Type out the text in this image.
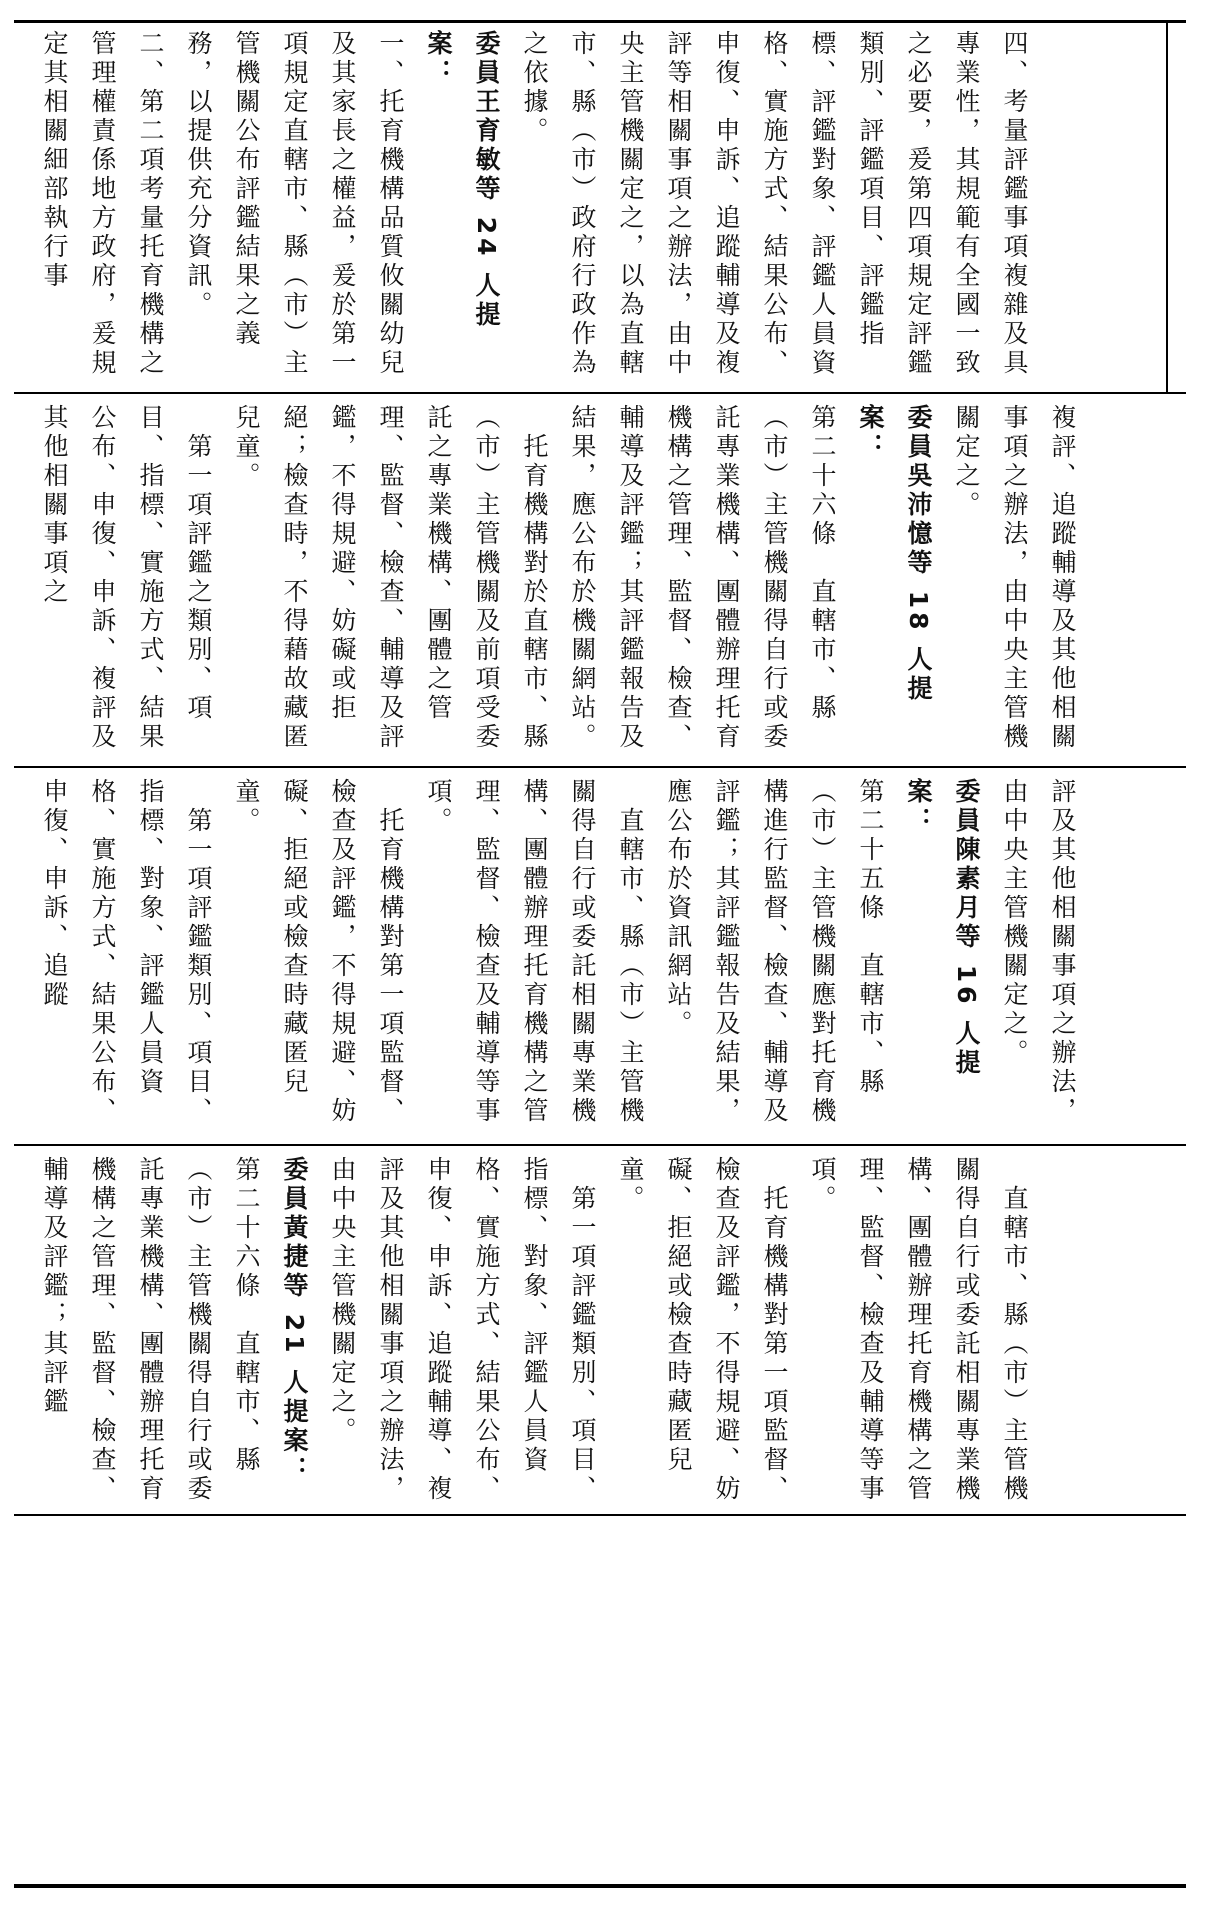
四、考量評鑑事項複雜及具專業性，其規範有全國一致之必要，爰第四項規定評鑑類別、評鑑項目、評鑑指標、評鑑對象、評鑑人員資格、實施方式、結果公布、申復、申訴、追蹤輔導及複評等相關事項之辦法，由中央主管機關定之，以為直轄市、縣（市）政府行政作為之依據。
委員王育敏等 24 人提案：
一、托育機構品質攸關幼兒及其家長之權益，爰於第一項規定直轄市、縣（市）主管機關公布評鑑結果之義務，以提供充分資訊。
二、第二項考量托育機構之管理權責係地方政府，爰規定其相關細部執行事
複評、追蹤輔導及其他相關事項之辦法，由中央主管機關定之。
委員吳沛憶等 18 人提案：
第二十六條　直轄市、縣（市）主管機關得自行或委託專業機構、團體辦理托育機構之管理、監督、檢查、輔導及評鑑；其評鑑報告及結果，應公布於機關網站。
　托育機構對於直轄市、縣（市）主管機關及前項受委託之專業機構、團體之管理、監督、檢查、輔導及評鑑，不得規避、妨礙或拒絕；檢查時，不得藉故藏匿兒童。
　第一項評鑑之類別、項目、指標、實施方式、結果公布、申復、申訴、複評及其他相關事項之
評及其他相關事項之辦法，由中央主管機關定之。
委員陳素月等 16 人提案：
第二十五條　直轄市、縣（市）主管機關應對托育機構進行監督、檢查、輔導及評鑑；其評鑑報告及結果，應公布於資訊網站。
　直轄市、縣（市）主管機關得自行或委託相關專業機構、團體辦理托育機構之管理、監督、檢查及輔導等事項。
　托育機構對第一項監督、檢查及評鑑，不得規避、妨礙、拒絕或檢查時藏匿兒童。
　第一項評鑑類別、項目、指標、對象、評鑑人員資格、實施方式、結果公布、申復、申訴、追蹤
　直轄市、縣（市）主管機關得自行或委託相關專業機構、團體辦理托育機構之管理、監督、檢查及輔導等事項。
　托育機構對第一項監督、檢查及評鑑，不得規避、妨礙、拒絕或檢查時藏匿兒童。
　第一項評鑑類別、項目、指標、對象、評鑑人員資格、實施方式、結果公布、申復、申訴、追蹤輔導、複評及其他相關事項之辦法，由中央主管機關定之。
委員黃捷等 21 人提案：
第二十六條　直轄市、縣（市）主管機關得自行或委託專業機構、團體辦理托育機構之管理、監督、檢查、輔導及評鑑；其評鑑
